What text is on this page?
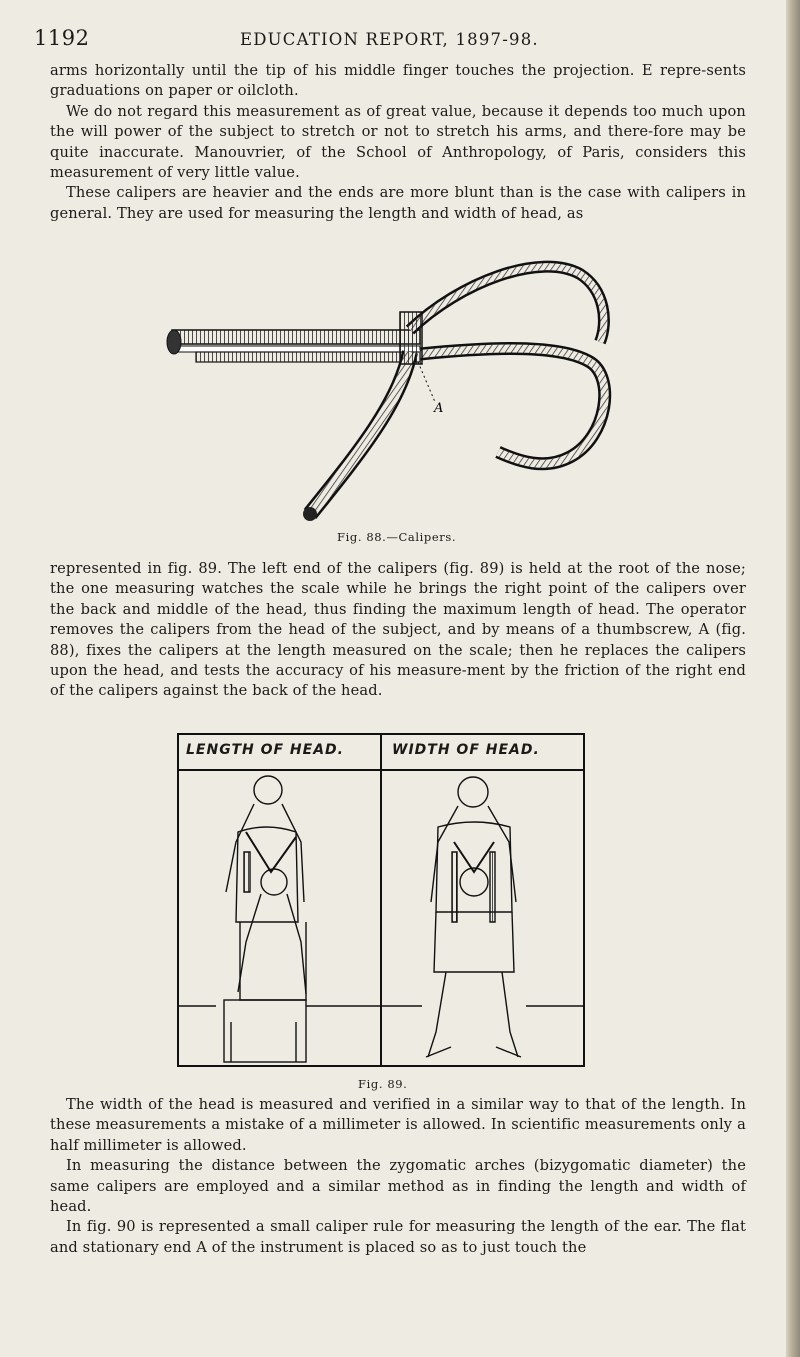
1192	EDUCATION REPORT, 1897-98.
arms horizontally until the tip of his middle finger touches the projection. E repre-sents graduations on paper or oilcloth.
We do not regard this measurement as of great value, because it depends too much upon the will power of the subject to stretch or not to stretch his arms, and there-fore may be quite inaccurate. Manouvrier, of the School of Anthropology, of Paris, considers this measurement of very little value.
These calipers are heavier and the ends are more blunt than is the case with calipers in general. They are used for measuring the length and width of head, as
A
Fig. 88.—Calipers.
represented in fig. 89. The left end of the calipers (fig. 89) is held at the root of the nose; the one measuring watches the scale while he brings the right point of the calipers over the back and middle of the head, thus finding the maximum length of head. The operator removes the calipers from the head of the subject, and by means of a thumbscrew, A (fig. 88), fixes the calipers at the length measured on the scale; then he replaces the calipers upon the head, and tests the accuracy of his measure-ment by the friction of the right end of the calipers against the back of the head.
LENGTH OF HEAD.	WIDTH OF HEAD.
Fig. 89.
The width of the head is measured and verified in a similar way to that of the length. In these measurements a mistake of a millimeter is allowed. In scientific measurements only a half millimeter is allowed.
In measuring the distance between the zygomatic arches (bizygomatic diameter) the same calipers are employed and a similar method as in finding the length and width of head.
In fig. 90 is represented a small caliper rule for measuring the length of the ear. The flat and stationary end A of the instrument is placed so as to just touch the
